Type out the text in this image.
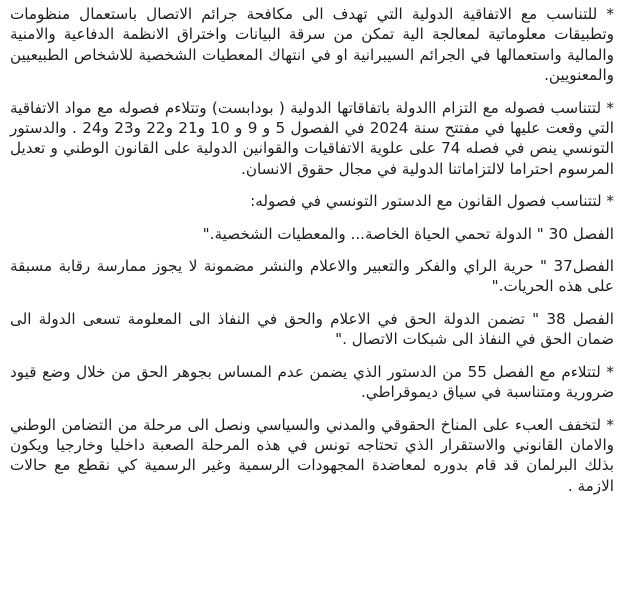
* للتناسب مع الاتفاقية الدولية التي تهدف الى مكافحة جرائم الاتصال باستعمال منظومات وتطبيقات معلوماتية لمعالجة الية تمكن من سرقة البيانات واختراق الانظمة الدفاعية والامنية والمالية واستعمالها في الجرائم السيبرانية او في انتهاك المعطيات الشخصية للاشخاص الطبيعيين والمعنويين.

* لتتناسب فصوله مع التزام االدولة باتفاقاتها الدولية ( بودابست) وتتلاءم فصوله مع مواد الاتفاقية التي وقعت عليها في مفتتح سنة 2024 في الفصول 5 و 9 و 10 و21 و22 و23 و24 . والدستور التونسي ينص في فصله 74 على علوية الاتفاقيات والقوانين الدولية على القانون الوطني و تعديل المرسوم احتراما لالتزاماتنا الدولية في مجال حقوق الانسان.

* لتتناسب فصول القانون مع الدستور التونسي في فصوله:

الفصل 30 " الدولة تحمي الحياة الخاصة... والمعطيات الشخصية."

الفصل37 " حرية الراي والفكر والتعبير والاعلام والنشر مضمونة لا يجوز ممارسة رقابة مسبقة على هذه الحريات."

الفصل 38 " تضمن الدولة الحق في الاعلام والحق في النفاذ الى المعلومة تسعى الدولة الى ضمان الحق في النفاذ الى شبكات الاتصال ."

* لتتلاءم مع الفصل 55 من الدستور الذي يضمن عدم المساس بجوهر الحق من خلال وضع قيود ضرورية ومتناسبة في سياق ديموقراطي.

* لتخفف العبء على المناخ الحقوقي والمدني والسياسي ونصل الى مرحلة من التضامن الوطني والامان القانوني والاستقرار الذي تحتاجه تونس في هذه المرحلة الصعبة داخليا وخارجيا ويكون بذلك البرلمان قد قام بدوره لمعاضدة المجهودات الرسمية وغير الرسمية كي نقطع مع حالات الازمة .
